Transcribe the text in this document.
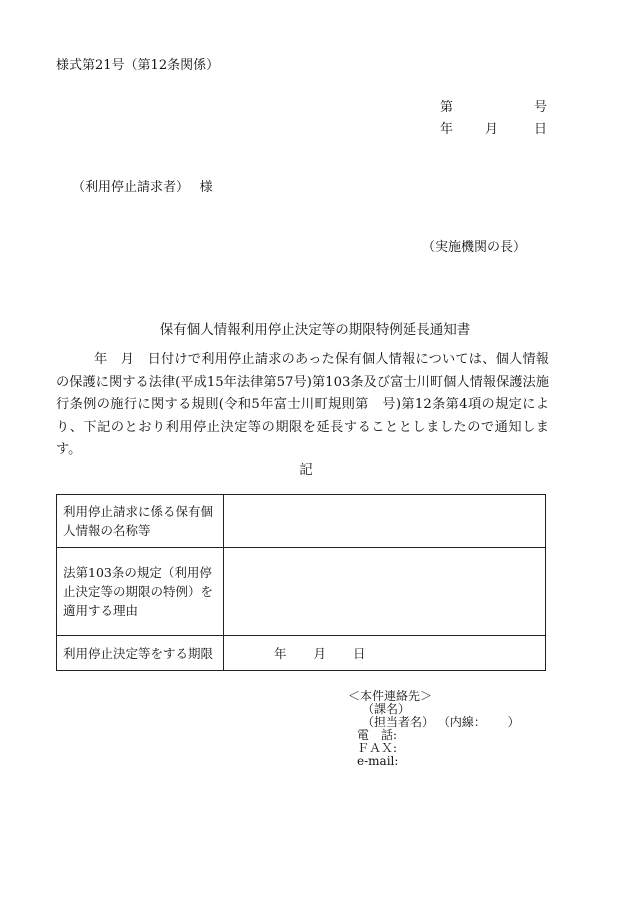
様式第21号（第12条関係）
第	号
年 月	日
（利用停止請求者）　 様
（実施機関の長）
保有個人情報利用停止決定等の期限特例延長通知書
年　月　日付けで利用停止請求のあった保有個人情報については、個人情報の保護に関する法律(平成15年法律第57号)第103条及び富士川町個人情報保護法施行条例の施行に関する規則(令和5年富士川町規則第　号)第12条第4項の規定により、下記のとおり利用停止決定等の期限を延長することとしましたので通知します。
記
利用停止請求に係る保有個人情報の名称等	
法第103条の規定（利用停止決定等の期限の特例）を適用する理由	
利用停止決定等をする期限	年 月 日
＜本件連絡先＞
（課名）
（担当者名） （内線：　　 ）
電　話:
ＦＡＸ:
e-mail:
